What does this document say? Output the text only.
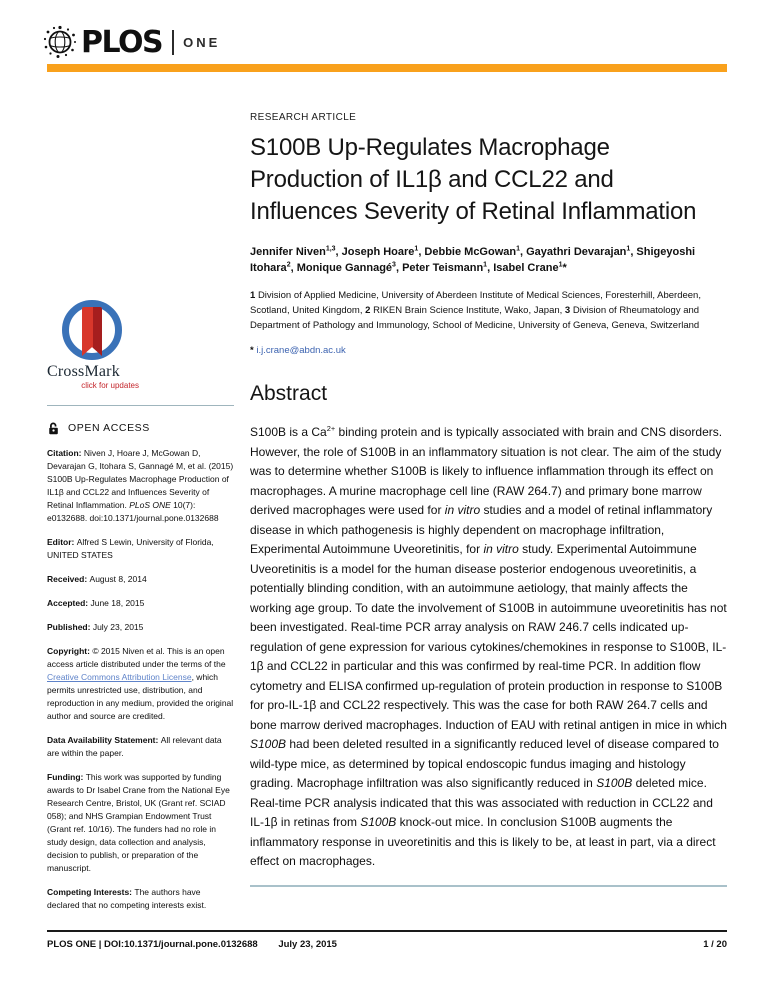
PLOS ONE
CrossMark
click for updates
OPEN ACCESS

Citation: Niven J, Hoare J, McGowan D, Devarajan G, Itohara S, Gannagé M, et al. (2015) S100B Up-Regulates Macrophage Production of IL1β and CCL22 and Influences Severity of Retinal Inflammation. PLoS ONE 10(7): e0132688. doi:10.1371/journal.pone.0132688

Editor: Alfred S Lewin, University of Florida, UNITED STATES

Received: August 8, 2014

Accepted: June 18, 2015

Published: July 23, 2015

Copyright: © 2015 Niven et al. This is an open access article distributed under the terms of the Creative Commons Attribution License, which permits unrestricted use, distribution, and reproduction in any medium, provided the original author and source are credited.

Data Availability Statement: All relevant data are within the paper.

Funding: This work was supported by funding awards to Dr Isabel Crane from the National Eye Research Centre, Bristol, UK (Grant ref. SCIAD 058); and NHS Grampian Endowment Trust (Grant ref. 10/16). The funders had no role in study design, data collection and analysis, decision to publish, or preparation of the manuscript.

Competing Interests: The authors have declared that no competing interests exist.

RESEARCH ARTICLE
S100B Up-Regulates Macrophage Production of IL1β and CCL22 and Influences Severity of Retinal Inflammation
Jennifer Niven$^{1,3}$, Joseph Hoare$^1$, Debbie McGowan$^1$, Gayathri Devarajan$^1$, Shigeyoshi Itohara$^2$, Monique Gannagé$^3$, Peter Teismann$^1$, Isabel Crane$^1$*
1 Division of Applied Medicine, University of Aberdeen Institute of Medical Sciences, Foresterhill, Aberdeen, Scotland, United Kingdom, 2 RIKEN Brain Science Institute, Wako, Japan, 3 Division of Rheumatology and Department of Pathology and Immunology, School of Medicine, University of Geneva, Geneva, Switzerland
* i.j.crane@abdn.ac.uk
Abstract
S100B is a $Ca^{2+}$ binding protein and is typically associated with brain and CNS disorders. However, the role of S100B in an inflammatory situation is not clear. The aim of the study was to determine whether S100B is likely to influence inflammation through its effect on macrophages. A murine macrophage cell line (RAW 264.7) and primary bone marrow derived macrophages were used for in vitro studies and a model of retinal inflammatory disease in which pathogenesis is highly dependent on macrophage infiltration, Experimental Autoimmune Uveoretinitis, for in vitro study. Experimental Autoimmune Uveoretinitis is a model for the human disease posterior endogenous uveoretinitis, a potentially blinding condition, with an autoimmune aetiology, that mainly affects the working age group. To date the involvement of S100B in autoimmune uveoretinitis has not been investigated. Real-time PCR array analysis on RAW 246.7 cells indicated up-regulation of gene expression for various cytokines/chemokines in response to S100B, IL-1β and CCL22 in particular and this was confirmed by real-time PCR. In addition flow cytometry and ELISA confirmed up-regulation of protein production in response to S100B for pro-IL-1β and CCL22 respectively. This was the case for both RAW 264.7 cells and bone marrow derived macrophages. Induction of EAU with retinal antigen in mice in which S100B had been deleted resulted in a significantly reduced level of disease compared to wild-type mice, as determined by topical endoscopic fundus imaging and histology grading. Macrophage infiltration was also significantly reduced in S100B deleted mice. Real-time PCR analysis indicated that this was associated with reduction in CCL22 and IL-1β in retinas from S100B knock-out mice. In conclusion S100B augments the inflammatory response in uveoretinitis and this is likely to be, at least in part, via a direct effect on macrophages.
PLOS ONE | DOI:10.1371/journal.pone.0132688 July 23, 2015	1 / 20
